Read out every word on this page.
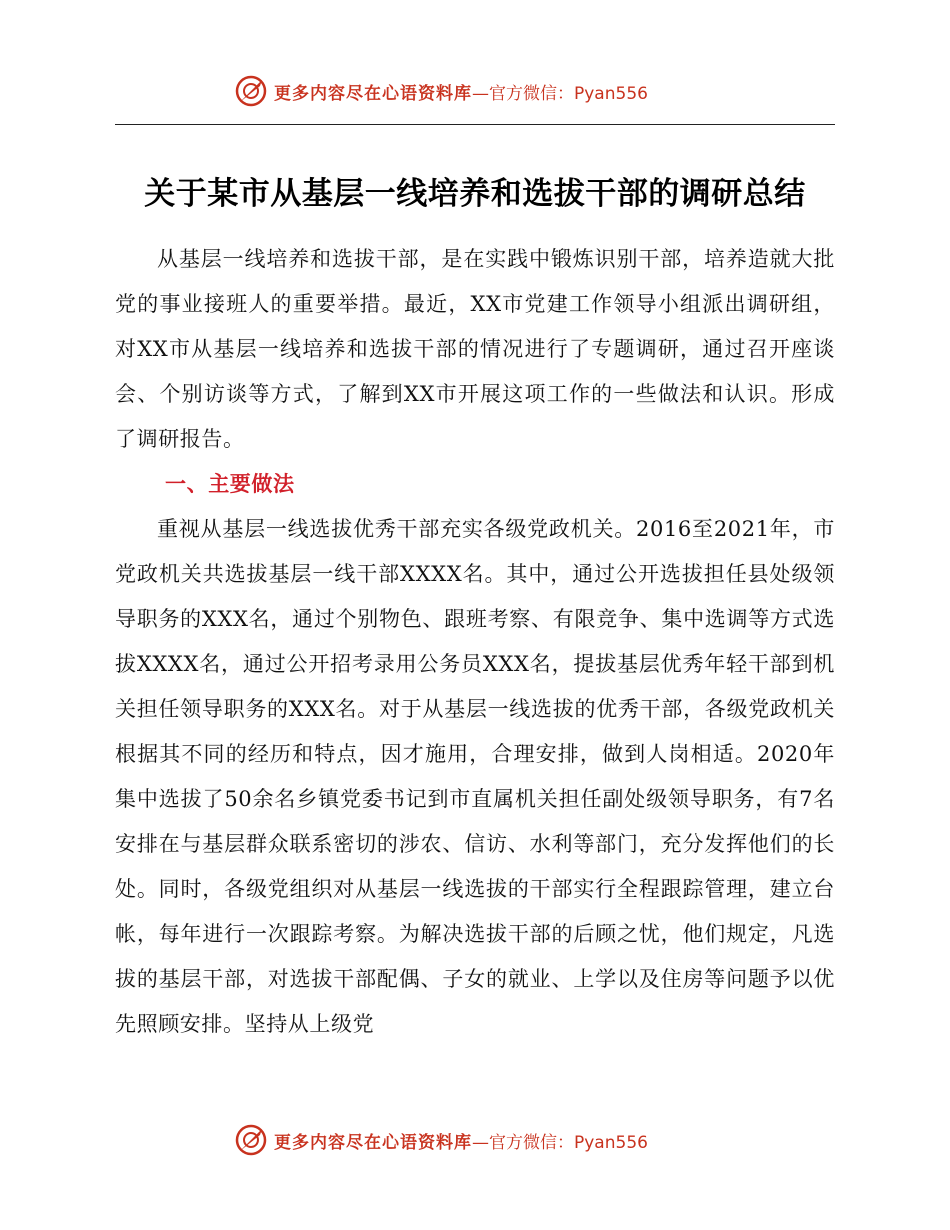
更多内容尽在心语资料库 —官方微信：Pyan556
关于某市从基层一线培养和选拔干部的调研总结

从基层一线培养和选拔干部，是在实践中锻炼识别干部，培养造就大批党的事业接班人的重要举措。最近，XX市党建工作领导小组派出调研组，对XX市从基层一线培养和选拔干部的情况进行了专题调研，通过召开座谈会、个别访谈等方式，了解到XX市开展这项工作的一些做法和认识。形成了调研报告。

一、主要做法

重视从基层一线选拔优秀干部充实各级党政机关。2016至2021年，市党政机关共选拔基层一线干部XXXX名。其中，通过公开选拔担任县处级领导职务的XXX名，通过个别物色、跟班考察、有限竞争、集中选调等方式选拔XXXX名，通过公开招考录用公务员XXX名，提拔基层优秀年轻干部到机关担任领导职务的XXX名。对于从基层一线选拔的优秀干部，各级党政机关根据其不同的经历和特点，因才施用，合理安排，做到人岗相适。2020年集中选拔了50余名乡镇党委书记到市直属机关担任副处级领导职务，有7名安排在与基层群众联系密切的涉农、信访、水利等部门，充分发挥他们的长处。同时，各级党组织对从基层一线选拔的干部实行全程跟踪管理，建立台帐，每年进行一次跟踪考察。为解决选拔干部的后顾之忧，他们规定，凡选拔的基层干部，对选拔干部配偶、子女的就业、上学以及住房等问题予以优先照顾安排。坚持从上级党

更多内容尽在心语资料库 —官方微信：Pyan556
